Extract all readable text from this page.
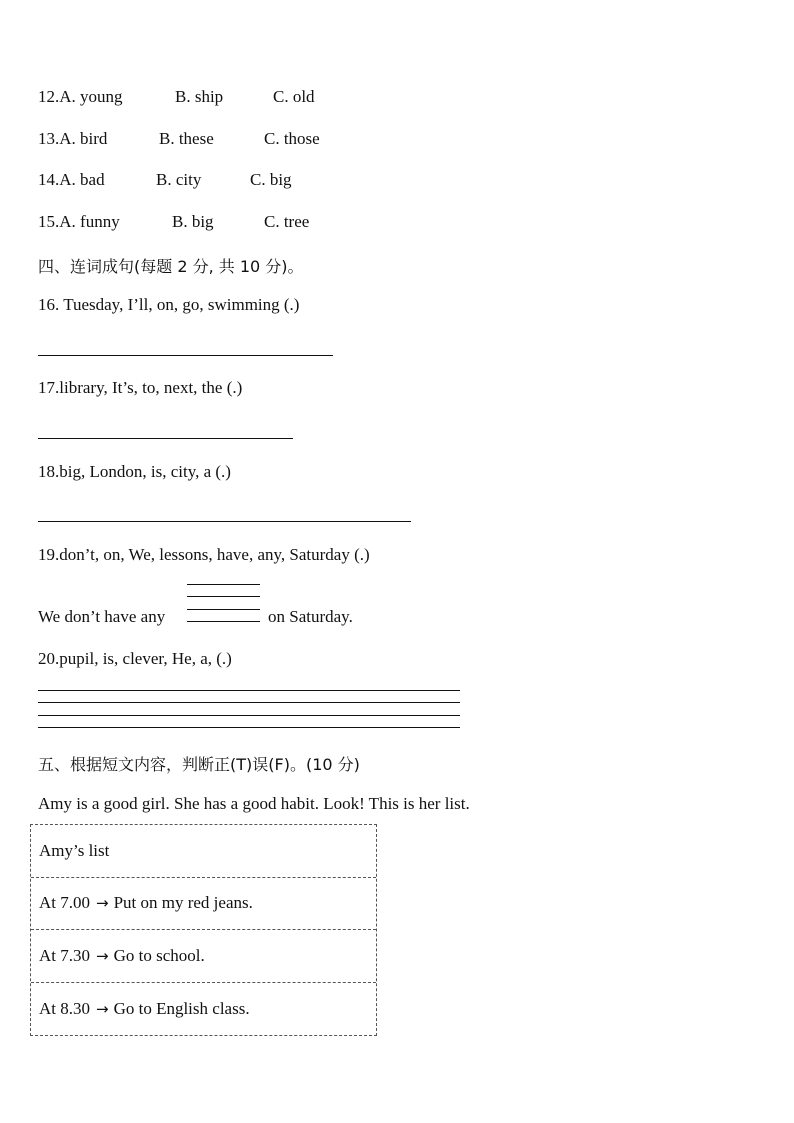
12.A. young	B. ship	C. old
13.A. bird	B. these	C. those
14.A. bad	B. city	C. big
15.A. funny	B. big	C. tree
四、连词成句(每题 2 分, 共 10 分)。
16. Tuesday, I’ll, on, go, swimming (.)
17.library, It’s, to, next, the (.)
18.big, London, is, city, a (.)
19.don’t, on, We, lessons, have, any, Saturday (.)
We don’t have any	on Saturday.
20.pupil, is, clever, He, a, (.)
五、根据短文内容，判断正(T)误(F)。(10 分)
Amy is a good girl. She has a good habit. Look! This is her list.
Amy’s list
At 7.00 → Put on my red jeans.
At 7.30 → Go to school.
At 8.30 → Go to English class.
